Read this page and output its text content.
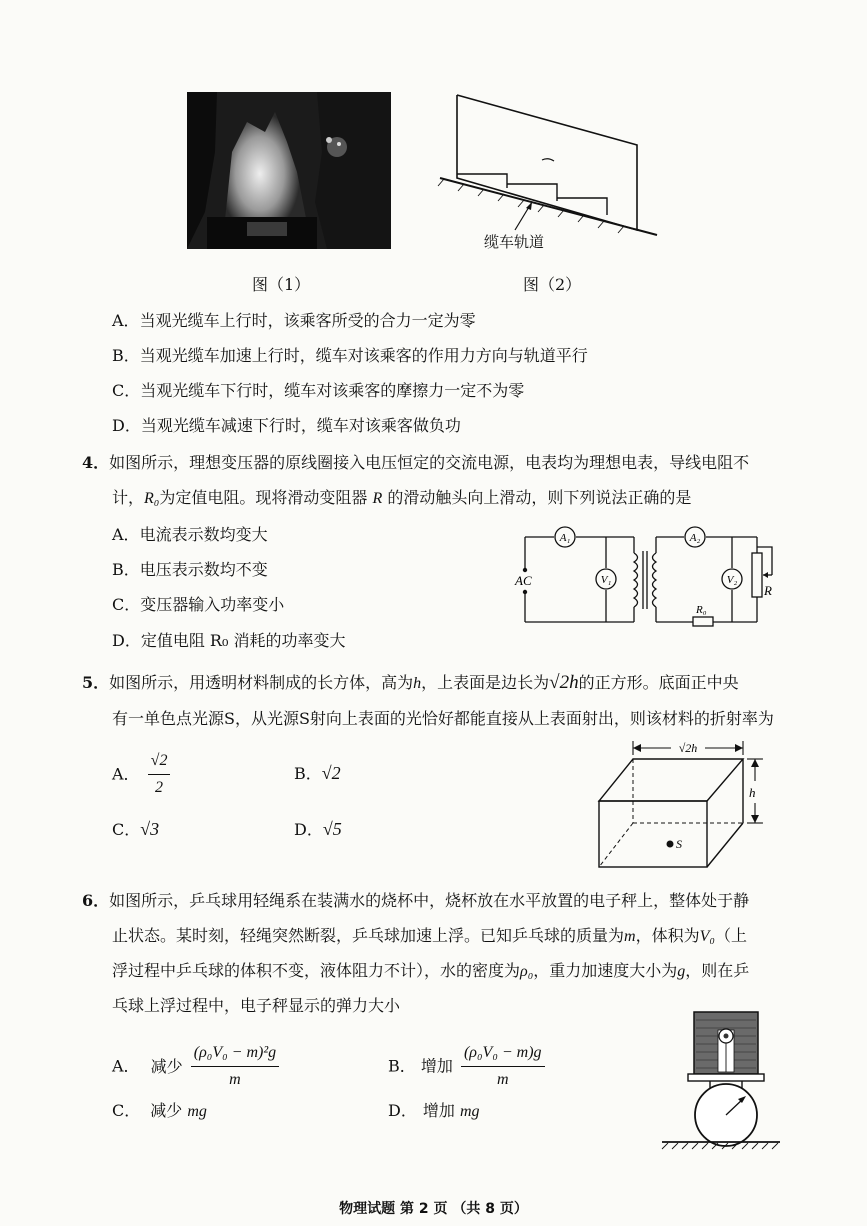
图（1）
缆车轨道
图（2）
A．当观光缆车上行时，该乘客所受的合力一定为零
B．当观光缆车加速上行时，缆车对该乘客的作用力方向与轨道平行
C．当观光缆车下行时，缆车对该乘客的摩擦力一定不为零
D．当观光缆车减速下行时，缆车对该乘客做负功
4．如图所示，理想变压器的原线圈接入电压恒定的交流电源，电表均为理想电表，导线电阻不
计，R₀为定值电阻。现将滑动变阻器 R 的滑动触头向上滑动，则下列说法正确的是
A．电流表示数均变大
B．电压表示数均不变
C．变压器输入功率变小
D．定值电阻 R₀ 消耗的功率变大
A₁	A₂
V₁	V₂
AC
R
R₀
5．如图所示，用透明材料制成的长方体，高为h，上表面是边长为√2h的正方形。底面正中央
有一单色点光源S，从光源S射向上表面的光恰好都能直接从上表面射出，则该材料的折射率为
A． $\frac{√2}{2}$	B．√2
C．√3	D．√5
√2h
h
S
6．如图所示，乒乓球用轻绳系在装满水的烧杯中，烧杯放在水平放置的电子秤上，整体处于静
止状态。某时刻，轻绳突然断裂，乒乓球加速上浮。已知乒乓球的质量为m，体积为V₀（上
浮过程中乒乓球的体积不变，液体阻力不计），水的密度为ρ₀，重力加速度大小为g，则在乒
乓球上浮过程中，电子秤显示的弹力大小
A． 减少 $\frac{\text{(ρ₀V₀ − m)²g}}{m}$	B． 增加 $\frac{\text{(ρ₀V₀ − m)g}}{m}$
C． 减少 mg	D． 增加 mg
物理试题 第 2 页 （共 8 页）
